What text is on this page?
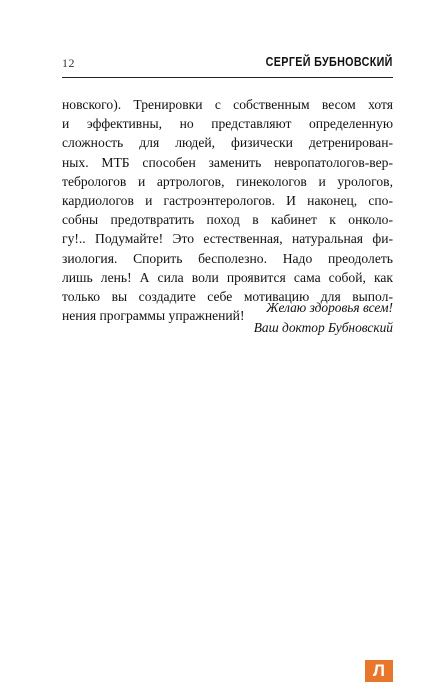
12	СЕРГЕЙ БУБНОВСКИЙ
новского). Тренировки с собственным весом хотя
и эффективны, но представляют определенную
сложность для людей, физически детренирован-
ных. МТБ способен заменить невропатологов-вер-
тебрологов и артрологов, гинекологов и урологов,
кардиологов и гастроэнтерологов. И наконец, спо-
собны предотвратить поход в кабинет к онколо-
гу!.. Подумайте! Это естественная, натуральная фи-
зиология. Спорить бесполезно. Надо преодолеть
лишь лень! А сила воли проявится сама собой, как
только вы создадите себе мотивацию для выпол-
нения программы упражнений!
Желаю здоровья всем!
Ваш доктор Бубновский
Л
